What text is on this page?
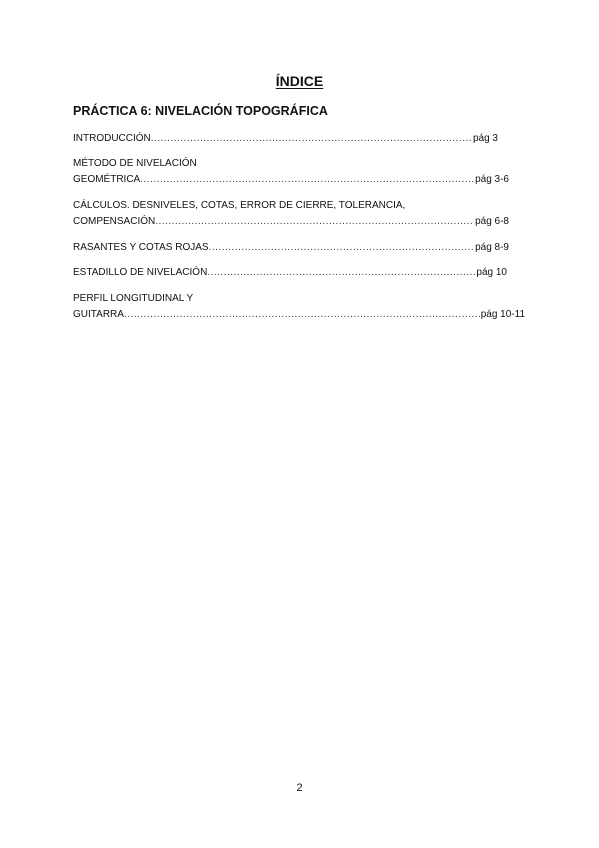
ÍNDICE
PRÁCTICA 6: NIVELACIÓN TOPOGRÁFICA
INTRODUCCIÓN .....	pág 3
MÉTODO DE NIVELACIÓN
GEOMÉTRICA .....	pág 3-6
CÁLCULOS. DESNIVELES, COTAS, ERROR DE CIERRE, TOLERANCIA,
COMPENSACIÓN .....	pág 6-8
RASANTES Y COTAS ROJAS .....	pág 8-9
ESTADILLO DE NIVELACIÓN .....	pág 10
PERFIL LONGITUDINAL Y
GUITARRA .....	pág 10-11
2
